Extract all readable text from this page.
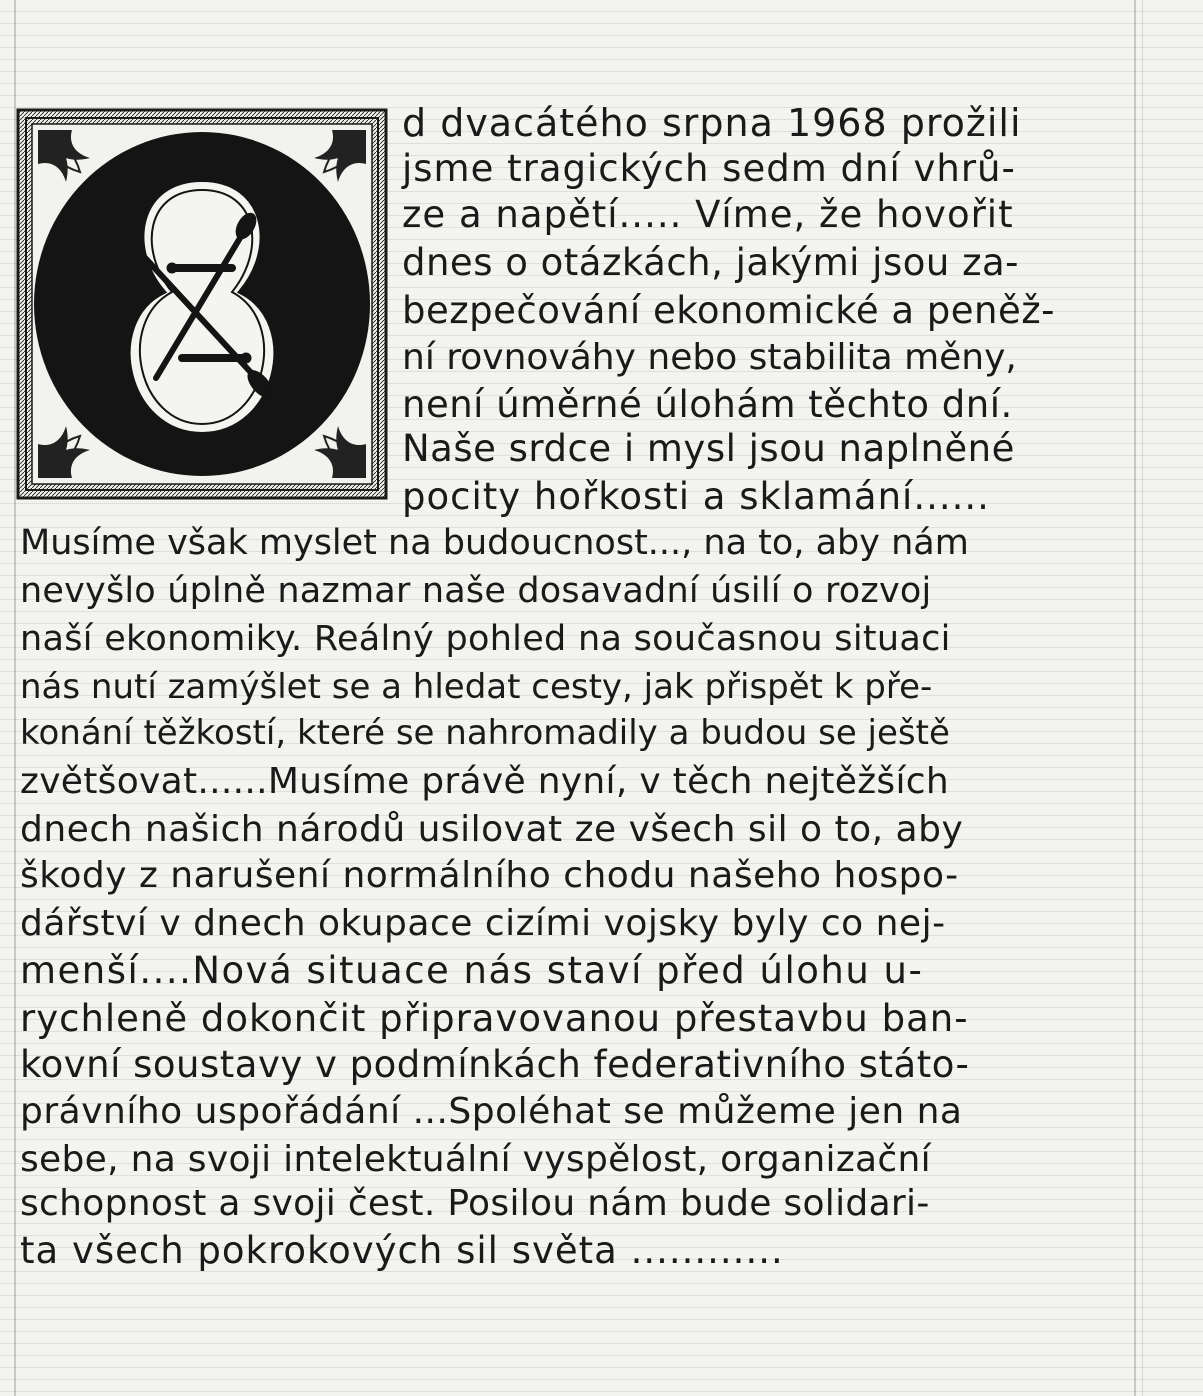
d dvacátého srpna 1968 prožili
jsme tragických sedm dní vhrů-
ze a napětí..... Víme, že hovořit
dnes o otázkách, jakými jsou za-
bezpečování ekonomické a peněž-
ní rovnováhy nebo stabilita měny,
není úměrné úlohám těchto dní.
Naše srdce i mysl jsou naplněné
pocity hořkosti a sklamání......
Musíme však myslet na budoucnost..., na to, aby nám
nevyšlo úplně nazmar naše dosavadní úsilí o rozvoj
naší ekonomiky. Reálný pohled na současnou situaci
nás nutí zamýšlet se a hledat cesty, jak přispět k pře-
konání těžkostí, které se nahromadily a budou se ještě
zvětšovat......Musíme právě nyní, v těch nejtěžších
dnech našich národů usilovat ze všech sil o to, aby
škody z narušení normálního chodu našeho hospo-
dářství v dnech okupace cizími vojsky byly co nej-
menší....Nová situace nás staví před úlohu u-
rychleně dokončit připravovanou přestavbu ban-
kovní soustavy v podmínkách federativního státo-
právního uspořádání ...Spoléhat se můžeme jen na
sebe, na svoji intelektuální vyspělost, organizační
schopnost a svoji čest. Posilou nám bude solidari-
ta všech pokrokových sil světa ............
